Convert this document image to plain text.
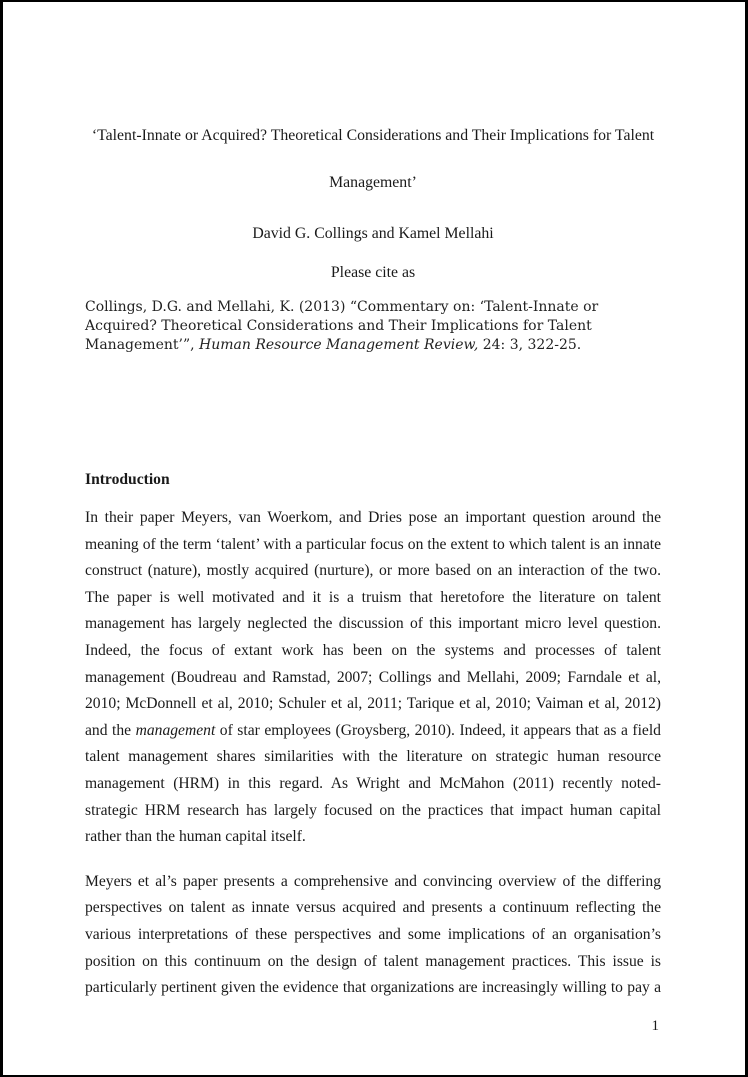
‘Talent-Innate or Acquired? Theoretical Considerations and Their Implications for Talent
Management’
David G. Collings and Kamel Mellahi
Please cite as

Collings, D.G. and Mellahi, K. (2013) “Commentary on: ‘Talent-Innate or Acquired? Theoretical Considerations and Their Implications for Talent Management’”, Human Resource Management Review, 24: 3, 322-25.

Introduction

In their paper Meyers, van Woerkom, and Dries pose an important question around the meaning of the term ‘talent’ with a particular focus on the extent to which talent is an innate construct (nature), mostly acquired (nurture), or more based on an interaction of the two. The paper is well motivated and it is a truism that heretofore the literature on talent management has largely neglected the discussion of this important micro level question. Indeed, the focus of extant work has been on the systems and processes of talent management (Boudreau and Ramstad, 2007; Collings and Mellahi, 2009; Farndale et al, 2010; McDonnell et al, 2010; Schuler et al, 2011; Tarique et al, 2010; Vaiman et al, 2012) and the management of star employees (Groysberg, 2010). Indeed, it appears that as a field talent management shares similarities with the literature on strategic human resource management (HRM) in this regard. As Wright and McMahon (2011) recently noted-strategic HRM research has largely focused on the practices that impact human capital rather than the human capital itself.

Meyers et al’s paper presents a comprehensive and convincing overview of the differing perspectives on talent as innate versus acquired and presents a continuum reflecting the various interpretations of these perspectives and some implications of an organisation’s position on this continuum on the design of talent management practices. This issue is particularly pertinent given the evidence that organizations are increasingly willing to pay a

1
